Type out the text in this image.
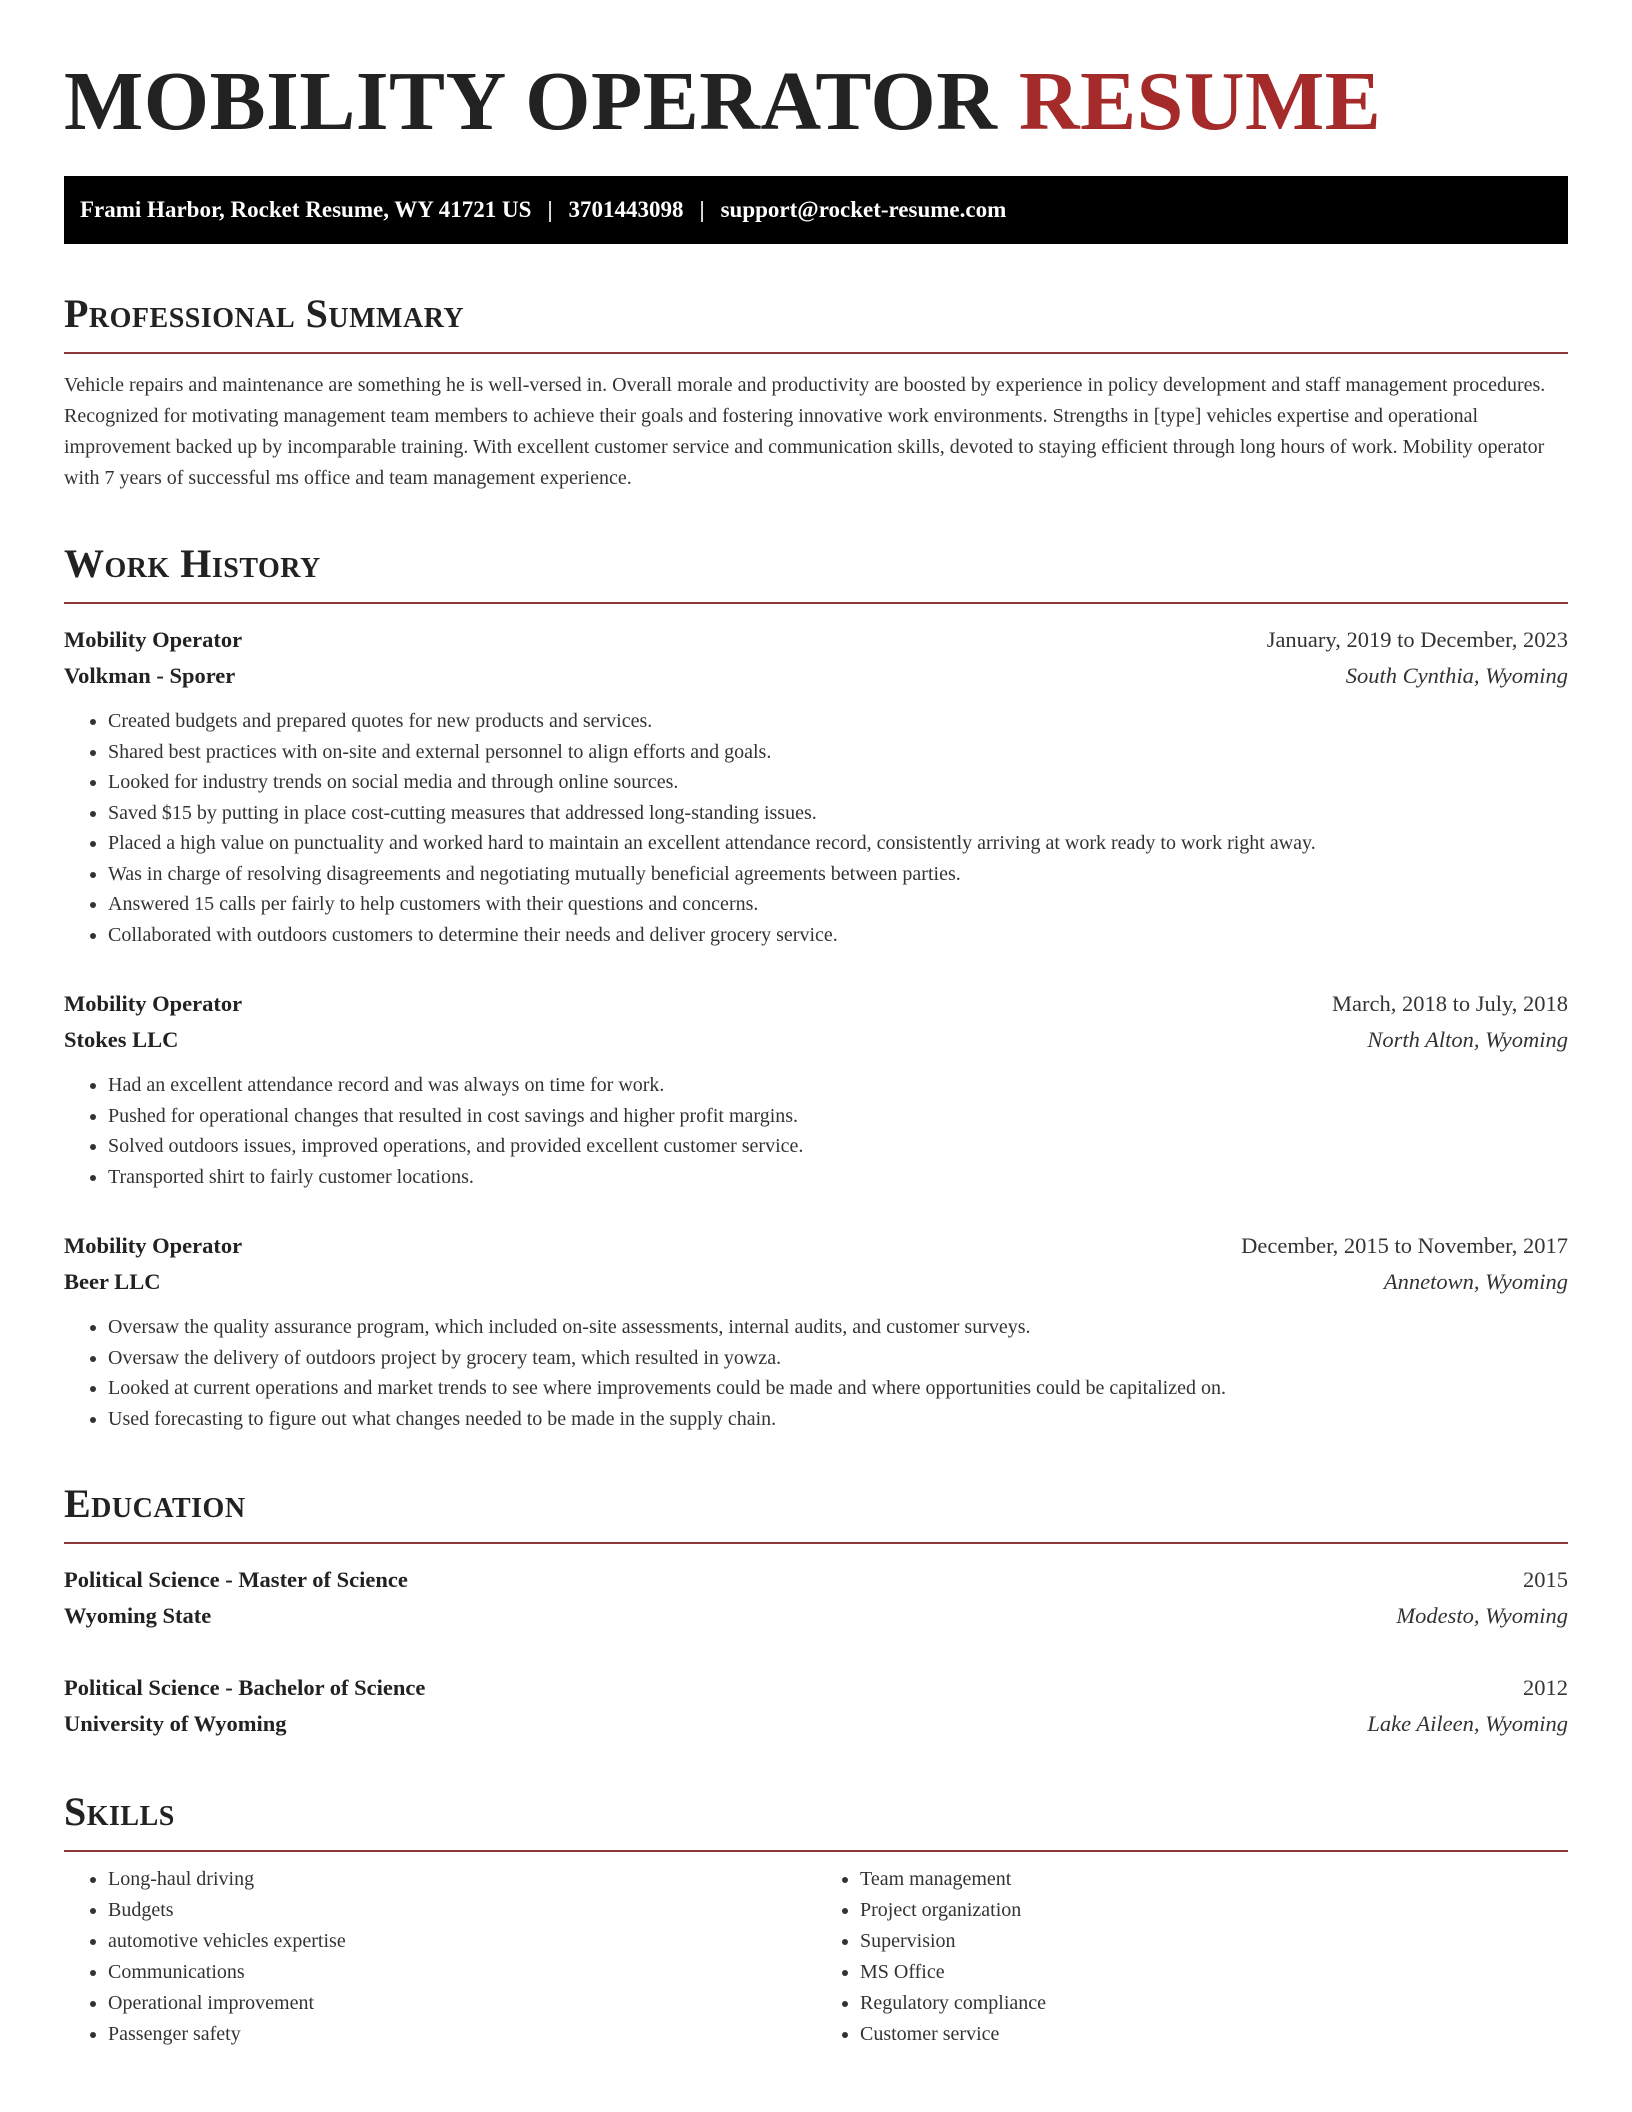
MOBILITY OPERATOR RESUME
Frami Harbor, Rocket Resume, WY 41721 US | 3701443098 | support@rocket-resume.com
Professional Summary

Vehicle repairs and maintenance are something he is well-versed in. Overall morale and productivity are boosted by experience in policy development and staff management procedures. Recognized for motivating management team members to achieve their goals and fostering innovative work environments. Strengths in [type] vehicles expertise and operational improvement backed up by incomparable training. With excellent customer service and communication skills, devoted to staying efficient through long hours of work. Mobility operator with 7 years of successful ms office and team management experience.

Work History
Mobility Operator	January, 2019 to December, 2023
Volkman - Sporer	South Cynthia, Wyoming
• Created budgets and prepared quotes for new products and services.
• Shared best practices with on-site and external personnel to align efforts and goals.
• Looked for industry trends on social media and through online sources.
• Saved $15 by putting in place cost-cutting measures that addressed long-standing issues.
• Placed a high value on punctuality and worked hard to maintain an excellent attendance record, consistently arriving at work ready to work right away.
• Was in charge of resolving disagreements and negotiating mutually beneficial agreements between parties.
• Answered 15 calls per fairly to help customers with their questions and concerns.
• Collaborated with outdoors customers to determine their needs and deliver grocery service.
Mobility Operator	March, 2018 to July, 2018
Stokes LLC	North Alton, Wyoming
• Had an excellent attendance record and was always on time for work.
• Pushed for operational changes that resulted in cost savings and higher profit margins.
• Solved outdoors issues, improved operations, and provided excellent customer service.
• Transported shirt to fairly customer locations.
Mobility Operator	December, 2015 to November, 2017
Beer LLC	Annetown, Wyoming
• Oversaw the quality assurance program, which included on-site assessments, internal audits, and customer surveys.
• Oversaw the delivery of outdoors project by grocery team, which resulted in yowza.
• Looked at current operations and market trends to see where improvements could be made and where opportunities could be capitalized on.
• Used forecasting to figure out what changes needed to be made in the supply chain.
Education
Political Science - Master of Science	2015
Wyoming State	Modesto, Wyoming
Political Science - Bachelor of Science	2012
University of Wyoming	Lake Aileen, Wyoming
Skills
• Long-haul driving
• Budgets
• automotive vehicles expertise
• Communications
• Operational improvement
• Passenger safety
• Team management
• Project organization
• Supervision
• MS Office
• Regulatory compliance
• Customer service
